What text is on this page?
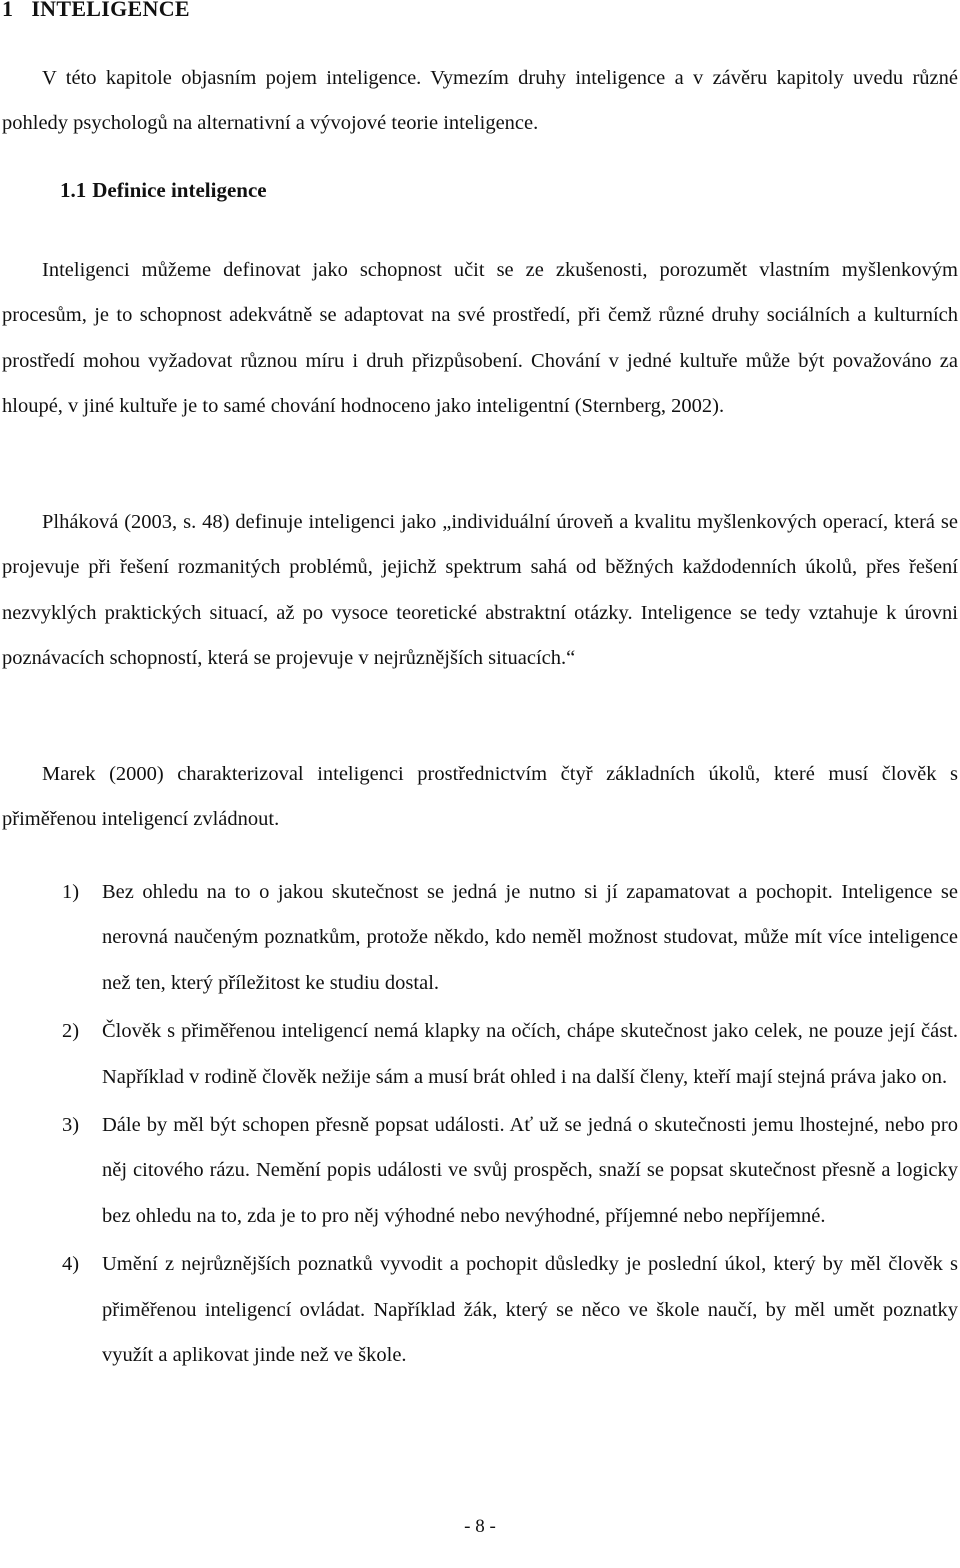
1 INTELIGENCE

V této kapitole objasním pojem inteligence. Vymezím druhy inteligence a v závěru kapitoly uvedu různé pohledy psychologů na alternativní a vývojové teorie inteligence.

1.1 Definice inteligence

Inteligenci můžeme definovat jako schopnost učit se ze zkušenosti, porozumět vlastním myšlenkovým procesům, je to schopnost adekvátně se adaptovat na své prostředí, při čemž různé druhy sociálních a kulturních prostředí mohou vyžadovat různou míru i druh přizpůsobení. Chování v jedné kultuře může být považováno za hloupé, v jiné kultuře je to samé chování hodnoceno jako inteligentní (Sternberg, 2002).

Plháková (2003, s. 48) definuje inteligenci jako „individuální úroveň a kvalitu myšlenkových operací, která se projevuje při řešení rozmanitých problémů, jejichž spektrum sahá od běžných každodenních úkolů, přes řešení nezvyklých praktických situací, až po vysoce teoretické abstraktní otázky. Inteligence se tedy vztahuje k úrovni poznávacích schopností, která se projevuje v nejrůznějších situacích.“

Marek (2000) charakterizoval inteligenci prostřednictvím čtyř základních úkolů, které musí člověk s přiměřenou inteligencí zvládnout.

1) Bez ohledu na to o jakou skutečnost se jedná je nutno si jí zapamatovat a pochopit. Inteligence se nerovná naučeným poznatkům, protože někdo, kdo neměl možnost studovat, může mít více inteligence než ten, který příležitost ke studiu dostal.
2) Člověk s přiměřenou inteligencí nemá klapky na očích, chápe skutečnost jako celek, ne pouze její část. Například v rodině člověk nežije sám a musí brát ohled i na další členy, kteří mají stejná práva jako on.
3) Dále by měl být schopen přesně popsat události. Ať už se jedná o skutečnosti jemu lhostejné, nebo pro něj citového rázu. Nemění popis události ve svůj prospěch, snaží se popsat skutečnost přesně a logicky bez ohledu na to, zda je to pro něj výhodné nebo nevýhodné, příjemné nebo nepříjemné.
4) Umění z nejrůznějších poznatků vyvodit a pochopit důsledky je poslední úkol, který by měl člověk s přiměřenou inteligencí ovládat. Například žák, který se něco ve škole naučí, by měl umět poznatky využít a aplikovat jinde než ve škole.
- 8 -
